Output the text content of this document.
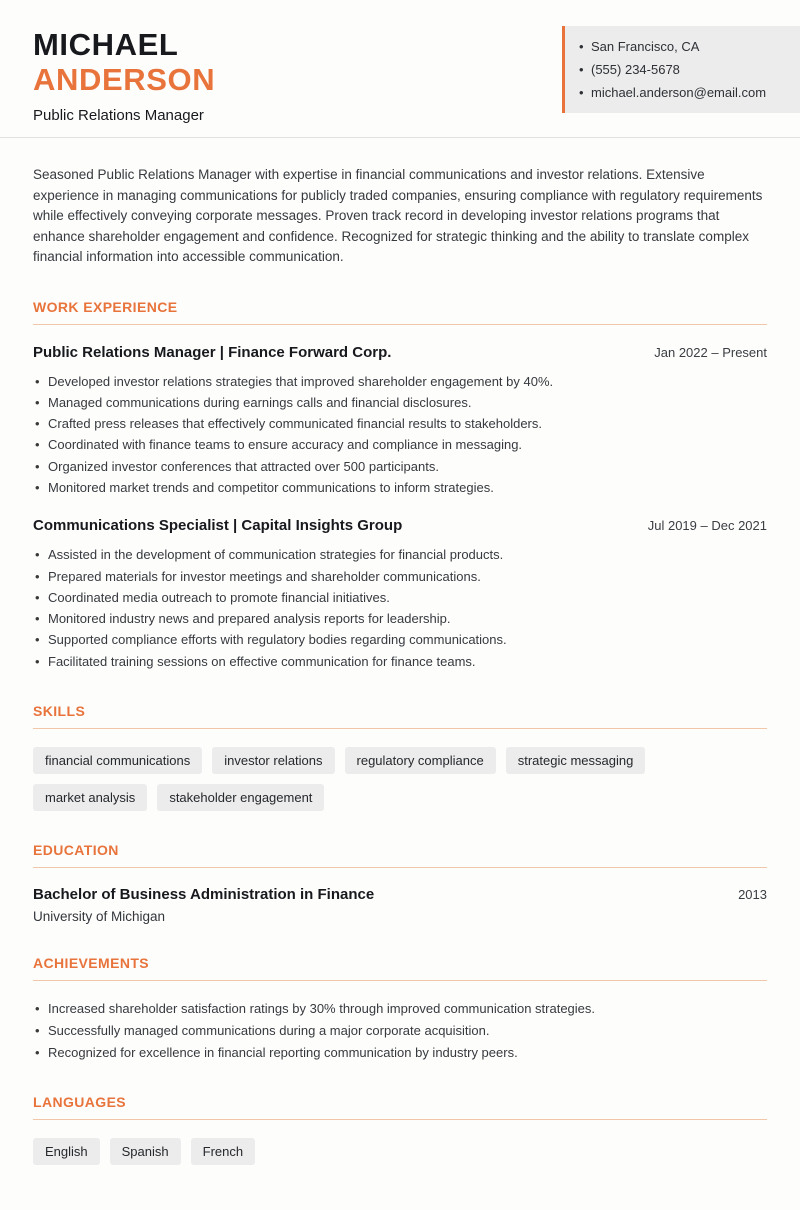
MICHAEL
ANDERSON
Public Relations Manager
• San Francisco, CA
• (555) 234-5678
• michael.anderson@email.com

Seasoned Public Relations Manager with expertise in financial communications and investor relations. Extensive experience in managing communications for publicly traded companies, ensuring compliance with regulatory requirements while effectively conveying corporate messages. Proven track record in developing investor relations programs that enhance shareholder engagement and confidence. Recognized for strategic thinking and the ability to translate complex financial information into accessible communication.

WORK EXPERIENCE
Public Relations Manager | Finance Forward Corp.	Jan 2022 – Present
• Developed investor relations strategies that improved shareholder engagement by 40%.
• Managed communications during earnings calls and financial disclosures.
• Crafted press releases that effectively communicated financial results to stakeholders.
• Coordinated with finance teams to ensure accuracy and compliance in messaging.
• Organized investor conferences that attracted over 500 participants.
• Monitored market trends and competitor communications to inform strategies.
Communications Specialist | Capital Insights Group	Jul 2019 – Dec 2021
• Assisted in the development of communication strategies for financial products.
• Prepared materials for investor meetings and shareholder communications.
• Coordinated media outreach to promote financial initiatives.
• Monitored industry news and prepared analysis reports for leadership.
• Supported compliance efforts with regulatory bodies regarding communications.
• Facilitated training sessions on effective communication for finance teams.
SKILLS
financial communications	investor relations	regulatory compliance	strategic messaging
market analysis	stakeholder engagement
EDUCATION
Bachelor of Business Administration in Finance	2013
University of Michigan
ACHIEVEMENTS
• Increased shareholder satisfaction ratings by 30% through improved communication strategies.
• Successfully managed communications during a major corporate acquisition.
• Recognized for excellence in financial reporting communication by industry peers.
LANGUAGES
English	Spanish	French
